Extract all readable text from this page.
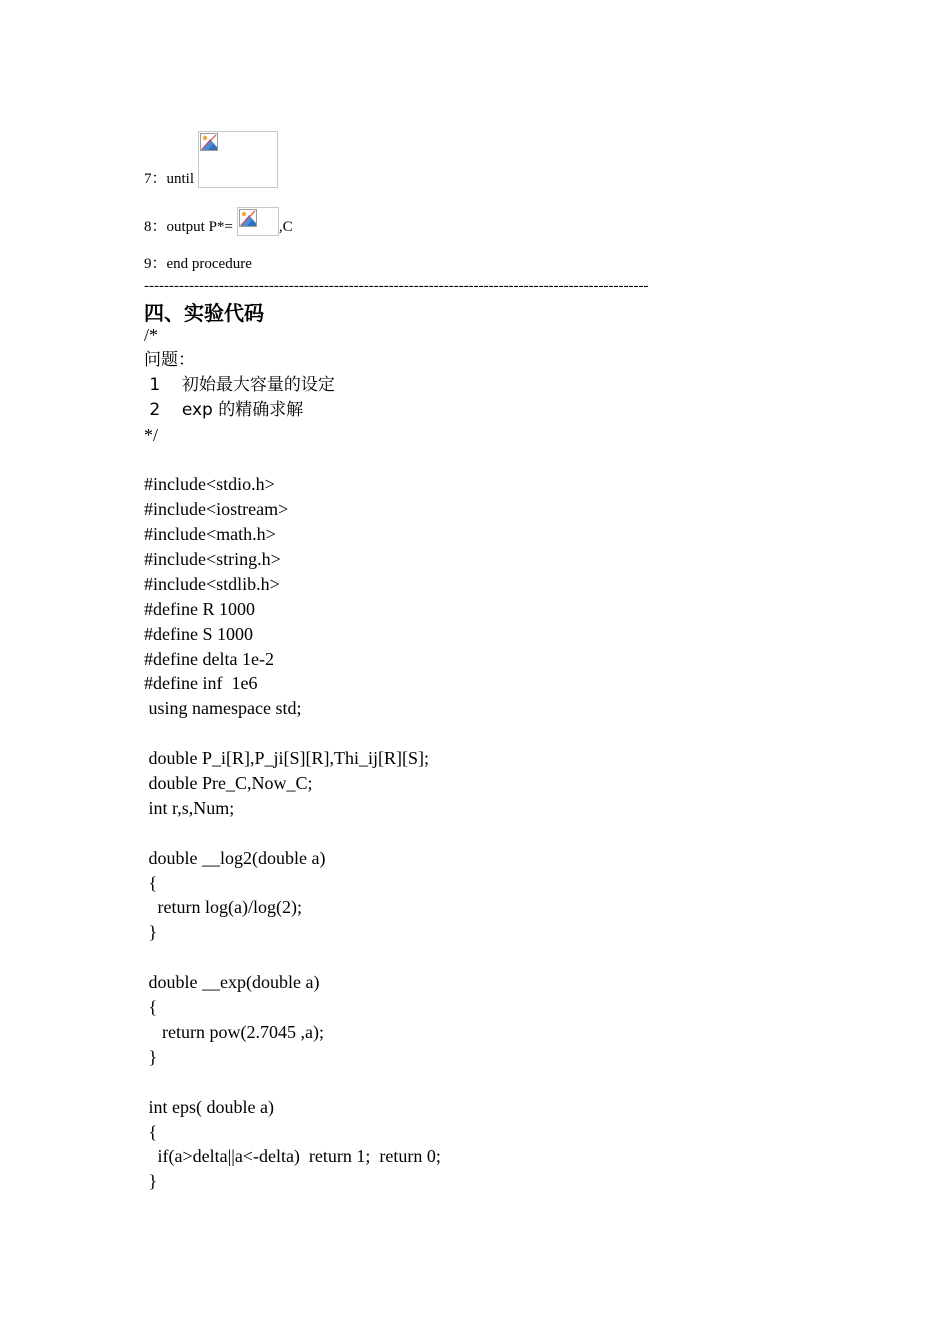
7：until

8：output P*=

	,C
9：end procedure
-----------------------------------------------------------------------------------------------------
四、实验代码
/*
问题：
1    初始最大容量的设定
2    exp 的精确求解
*/
#include<stdio.h>
#include<iostream>
#include<math.h>
#include<string.h>
#include<stdlib.h>
#define R 1000
#define S 1000
#define delta 1e-2
#define inf  1e6
using namespace std;
double P_i[R],P_ji[S][R],Thi_ij[R][S];
double Pre_C,Now_C;
int r,s,Num;
double __log2(double a)
{
return log(a)/log(2);
}
double __exp(double a)
{
return pow(2.7045 ,a);
}
int eps( double a)
{
if(a>delta||a<-delta)  return 1;  return 0;
}
